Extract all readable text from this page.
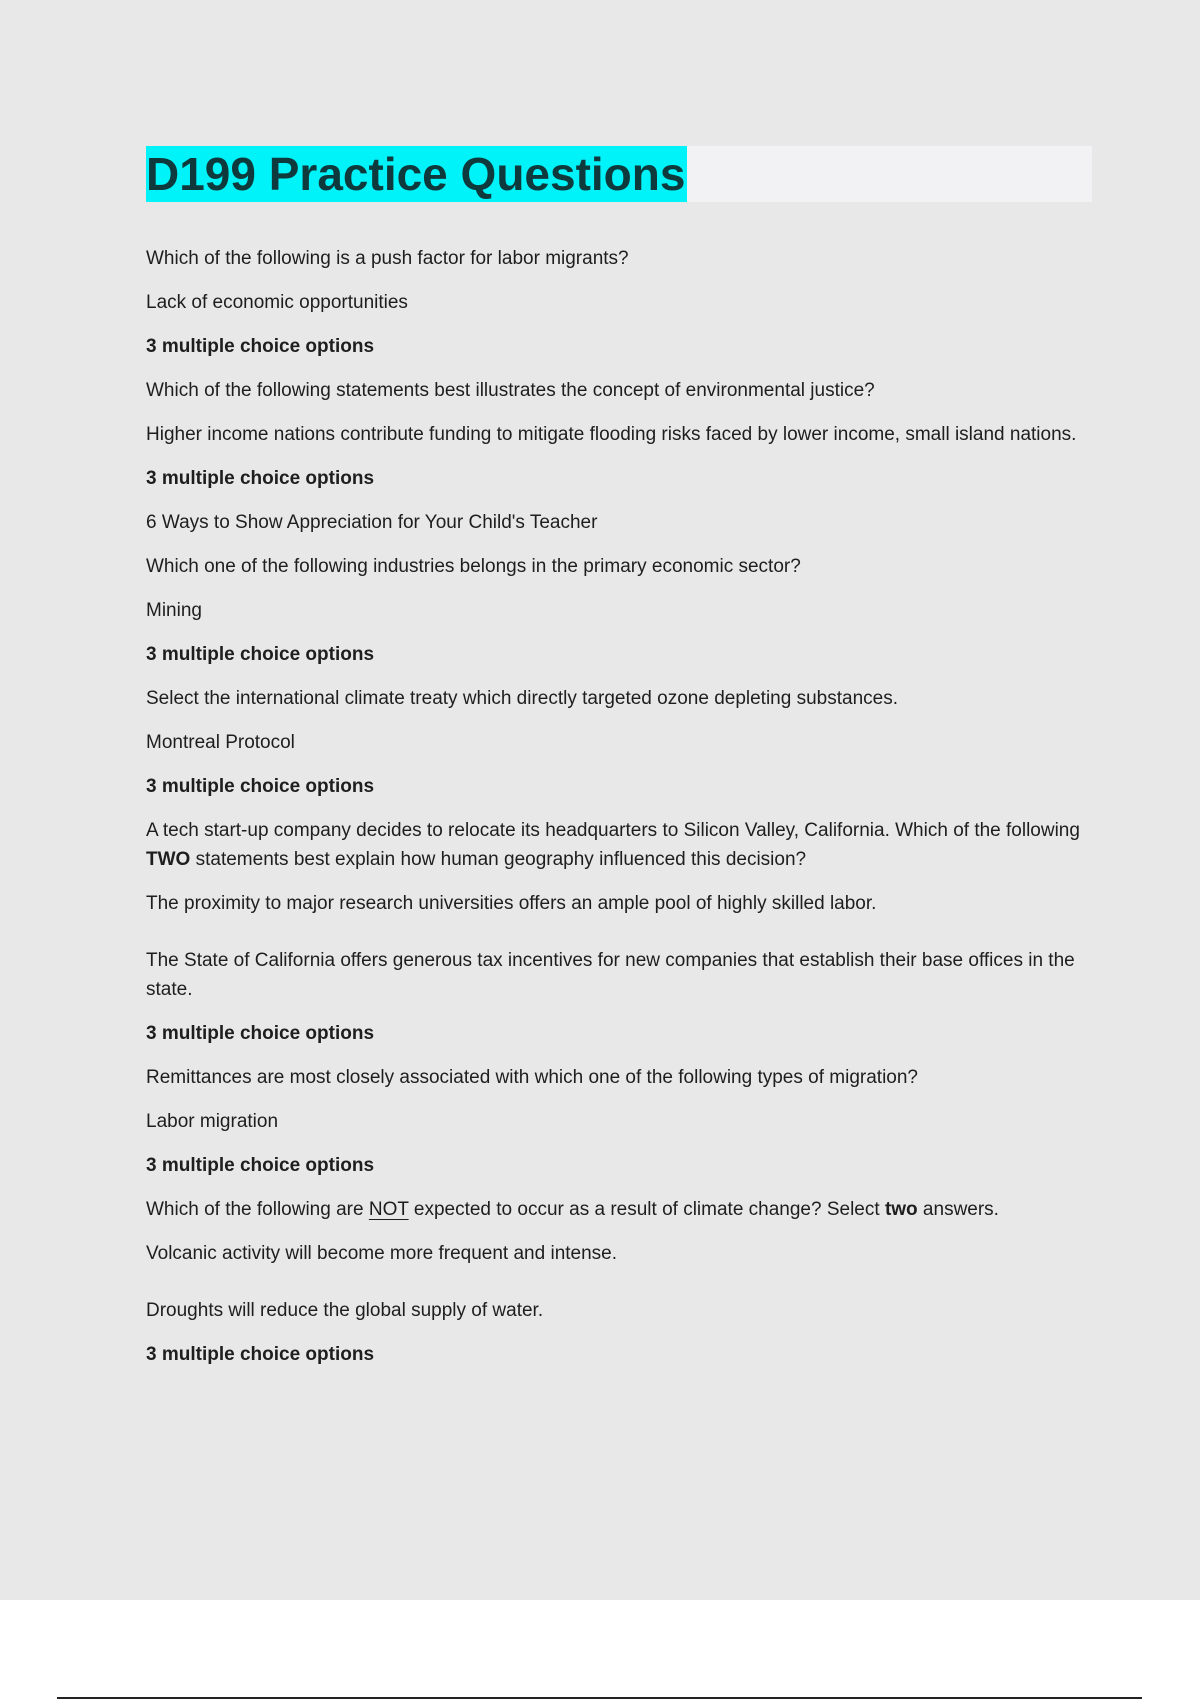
D199 Practice Questions

Which of the following is a push factor for labor migrants?

Lack of economic opportunities

3 multiple choice options

Which of the following statements best illustrates the concept of environmental justice?

Higher income nations contribute funding to mitigate flooding risks faced by lower income, small island nations.

3 multiple choice options

6 Ways to Show Appreciation for Your Child's Teacher

Which one of the following industries belongs in the primary economic sector?

Mining

3 multiple choice options

Select the international climate treaty which directly targeted ozone depleting substances.

Montreal Protocol

3 multiple choice options

A tech start-up company decides to relocate its headquarters to Silicon Valley, California. Which of the following TWO statements best explain how human geography influenced this decision?

The proximity to major research universities offers an ample pool of highly skilled labor.

The State of California offers generous tax incentives for new companies that establish their base offices in the state.

3 multiple choice options

Remittances are most closely associated with which one of the following types of migration?

Labor migration

3 multiple choice options

Which of the following are NOT expected to occur as a result of climate change? Select two answers.

Volcanic activity will become more frequent and intense.

Droughts will reduce the global supply of water.

3 multiple choice options
